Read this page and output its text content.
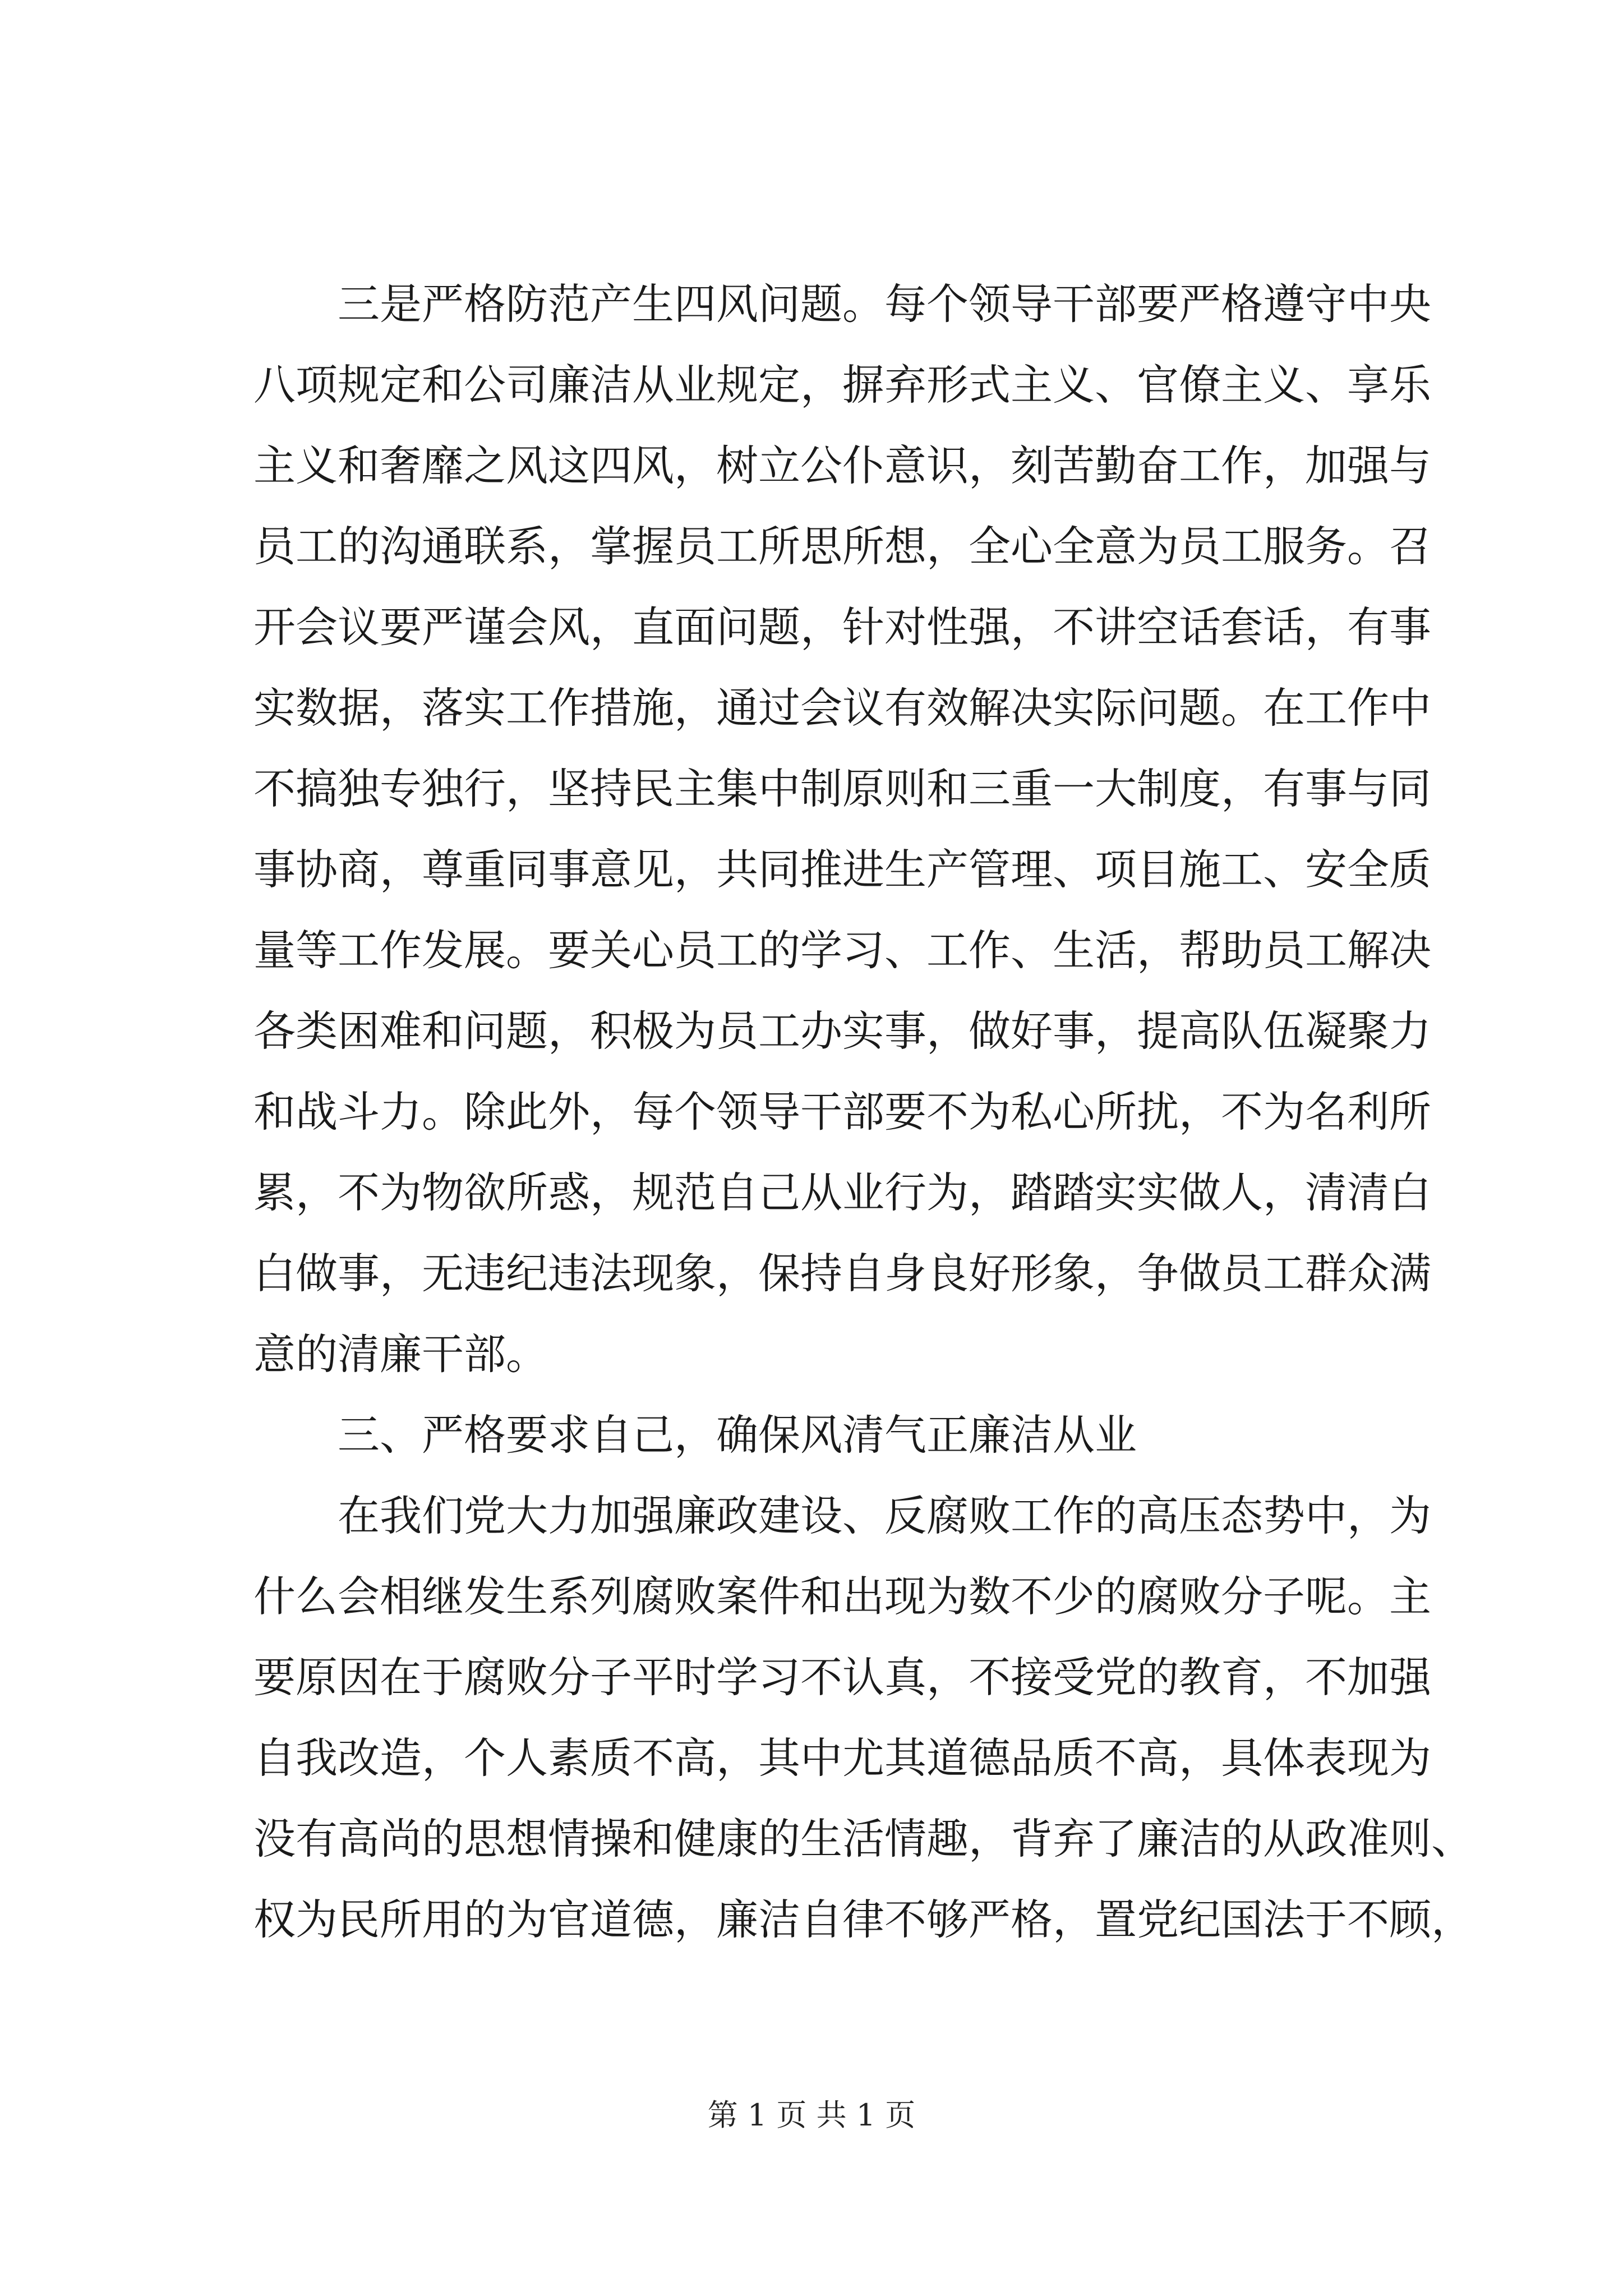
三是严格防范产生四风问题。每个领导干部要严格遵守中央
八项规定和公司廉洁从业规定，摒弃形式主义、官僚主义、享乐
主义和奢靡之风这四风，树立公仆意识，刻苦勤奋工作，加强与
员工的沟通联系，掌握员工所思所想，全心全意为员工服务。召
开会议要严谨会风，直面问题，针对性强，不讲空话套话，有事
实数据，落实工作措施，通过会议有效解决实际问题。在工作中
不搞独专独行，坚持民主集中制原则和三重一大制度，有事与同
事协商，尊重同事意见，共同推进生产管理、项目施工、安全质
量等工作发展。要关心员工的学习、工作、生活，帮助员工解决
各类困难和问题，积极为员工办实事，做好事，提高队伍凝聚力
和战斗力。除此外，每个领导干部要不为私心所扰，不为名利所
累，不为物欲所惑，规范自己从业行为，踏踏实实做人，清清白
白做事，无违纪违法现象，保持自身良好形象，争做员工群众满
意的清廉干部。
三、严格要求自己，确保风清气正廉洁从业
在我们党大力加强廉政建设、反腐败工作的高压态势中，为
什么会相继发生系列腐败案件和出现为数不少的腐败分子呢。主
要原因在于腐败分子平时学习不认真，不接受党的教育，不加强
自我改造，个人素质不高，其中尤其道德品质不高，具体表现为
没有高尚的思想情操和健康的生活情趣，背弃了廉洁的从政准则、
权为民所用的为官道德，廉洁自律不够严格，置党纪国法于不顾，
第 1 页 共 1 页
